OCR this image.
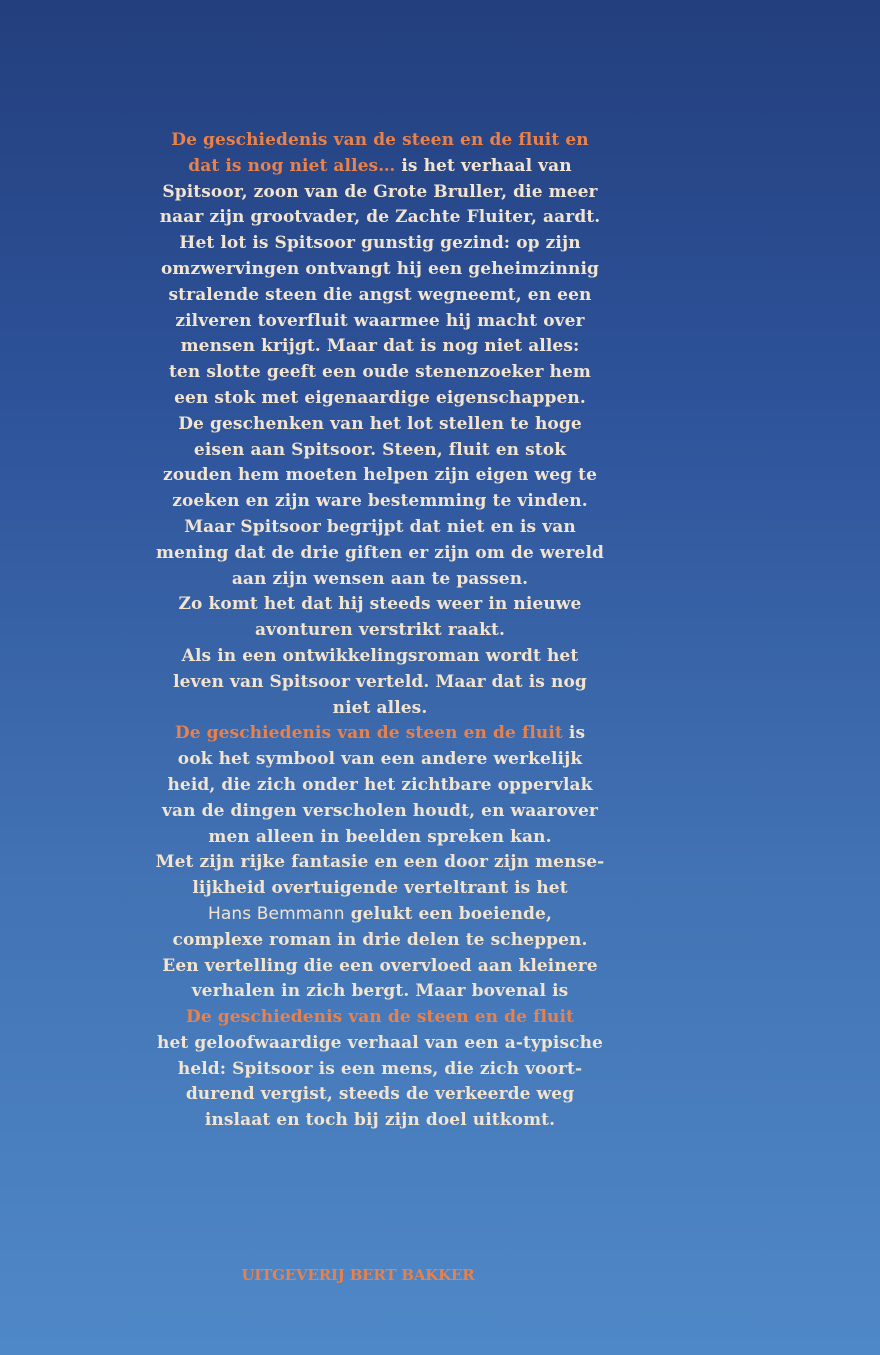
De geschiedenis van de steen en de fluit en
dat is nog niet alles… is het verhaal van
Spitsoor, zoon van de Grote Bruller, die meer
naar zijn grootvader, de Zachte Fluiter, aardt.
Het lot is Spitsoor gunstig gezind: op zijn
omzwervingen ontvangt hij een geheimzinnig
stralende steen die angst wegneemt, en een
zilveren toverfluit waarmee hij macht over
mensen krijgt. Maar dat is nog niet alles:
ten slotte geeft een oude stenenzoeker hem
een stok met eigenaardige eigenschappen.
De geschenken van het lot stellen te hoge
eisen aan Spitsoor. Steen, fluit en stok
zouden hem moeten helpen zijn eigen weg te
zoeken en zijn ware bestemming te vinden.
Maar Spitsoor begrijpt dat niet en is van
mening dat de drie giften er zijn om de wereld
aan zijn wensen aan te passen.
Zo komt het dat hij steeds weer in nieuwe
avonturen verstrikt raakt.
Als in een ontwikkelingsroman wordt het
leven van Spitsoor verteld. Maar dat is nog
niet alles.
De geschiedenis van de steen en de fluit is
ook het symbool van een andere werkelijk
heid, die zich onder het zichtbare oppervlak
van de dingen verscholen houdt, en waarover
men alleen in beelden spreken kan.
Met zijn rijke fantasie en een door zijn mense-
lijkheid overtuigende verteltrant is het
Hans Bemmann gelukt een boeiende,
complexe roman in drie delen te scheppen.
Een vertelling die een overvloed aan kleinere
verhalen in zich bergt. Maar bovenal is
De geschiedenis van de steen en de fluit
het geloofwaardige verhaal van een a-typische
held: Spitsoor is een mens, die zich voort-
durend vergist, steeds de verkeerde weg
inslaat en toch bij zijn doel uitkomt.
UITGEVERIJ BERT BAKKER
